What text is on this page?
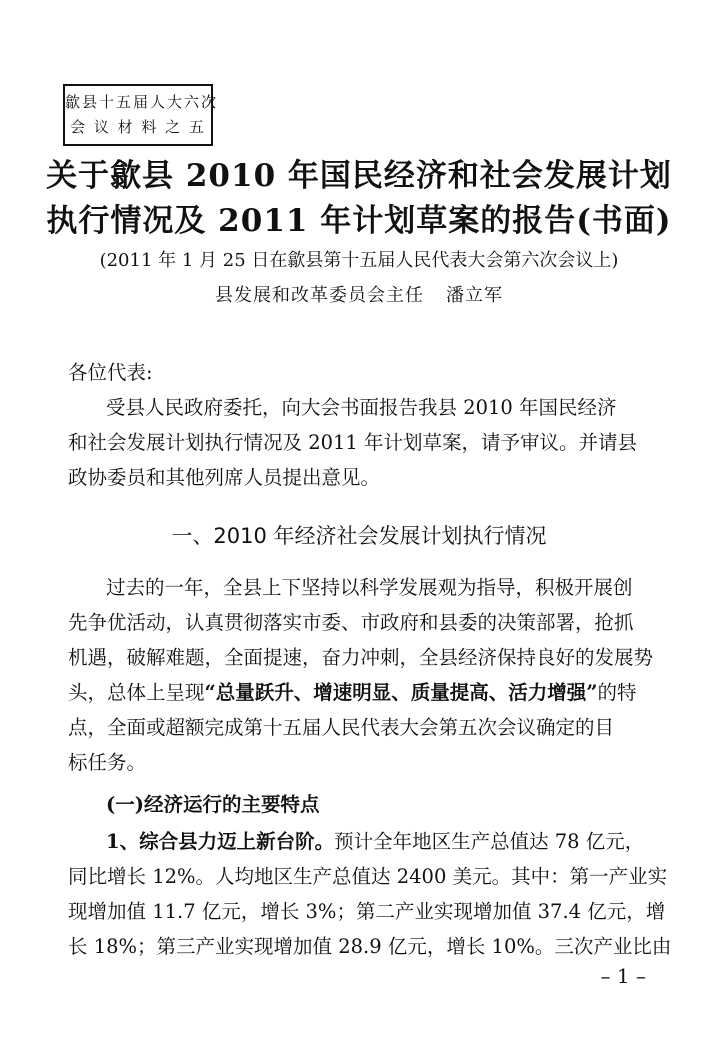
歙县十五届人大六次
会 议 材 料 之 五
关于歙县 2010 年国民经济和社会发展计划
执行情况及 2011 年计划草案的报告(书面)
(2011 年 1 月 25 日在歙县第十五届人民代表大会第六次会议上)
县发展和改革委员会主任 潘立军
各位代表:
受县人民政府委托，向大会书面报告我县 2010 年国民经济
和社会发展计划执行情况及 2011 年计划草案，请予审议。并请县
政协委员和其他列席人员提出意见。
一、2010 年经济社会发展计划执行情况
过去的一年，全县上下坚持以科学发展观为指导，积极开展创
先争优活动，认真贯彻落实市委、市政府和县委的决策部署，抢抓
机遇，破解难题，全面提速，奋力冲刺，全县经济保持良好的发展势
头，总体上呈现“总量跃升、增速明显、质量提高、活力增强”的特
点，全面或超额完成第十五届人民代表大会第五次会议确定的目
标任务。
(一)经济运行的主要特点
1、综合县力迈上新台阶。预计全年地区生产总值达 78 亿元，
同比增长 12%。人均地区生产总值达 2400 美元。其中：第一产业实
现增加值 11.7 亿元，增长 3%；第二产业实现增加值 37.4 亿元，增
长 18%；第三产业实现增加值 28.9 亿元，增长 10%。三次产业比由
– 1 –
